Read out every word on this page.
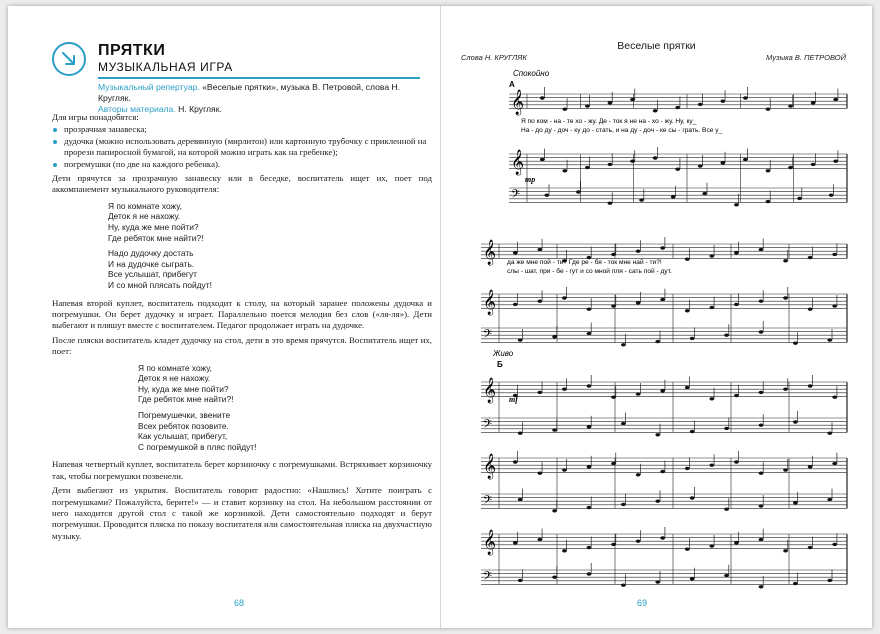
ПРЯТКИ
МУЗЫКАЛЬНАЯ ИГРА
Музыкальный репертуар. «Веселые прятки», музыка В. Петровой, слова Н. Кругляк.
Авторы материала. Н. Кругляк.

Для игры понадобятся:

прозрачная занавеска;
дудочка (можно использовать деревянную (мирлитон) или картонную трубочку с прикленной на прорези папиросной бумагой, на которой можно играть как на гребенке);
погремушки (по две на каждого ребенка).

Дети прячутся за прозрачную занавеску или в беседке, воспитатель ищет их, поет под аккомпанемент музыкального руководителя:

Я по комнате хожу,
Деток я не нахожу.
Ну, куда же мне пойти?
Где ребяток мне найти?!
Надо дудочку достать
И на дудочке сыграть.
Все услышат, прибегут
И со мной плясать пойдут!

Напевая второй куплет, воспитатель подходит к столу, на который заранее положены дудочка и погремушки. Он берет дудочку и играет. Параллельно поется мелодия без слов («ля-ля»). Дети выбегают и пляшут вместе с воспитателем. Педагог продолжает играть на дудочке.

После пляски воспитатель кладет дудочку на стол, дети в это время прячутся. Воспитатель ищет их, поет:

Я по комнате хожу,
Деток я не нахожу.
Ну, куда же мне пойти?
Где ребяток мне найти?!
Погремушечки, звените
Всех ребяток позовите.
Как услышат, прибегут,
С погремушкой в пляс пойдут!

Напевая четвертый куплет, воспитатель берет корзиночку с погремушками. Встряхивает корзиночку так, чтобы погремушки позвенели.

Дети выбегают из укрытия. Воспитатель говорит радостно: «Нашлись! Хотите поиграть с погремушками? Пожалуйста, берите!» — и ставит корзинку на стол. На небольшом расстоянии от него находится другой стол с такой же корзинкой. Дети самостоятельно подходят и берут погремушки. Проводится пляска по показу воспитателя или самостоятельная пляска на двухчастную музыку.

68
Веселые прятки
Слова Н. КРУГЛЯК	Музыка В. ПЕТРОВОЙ
𝄞
𝄞
𝄢
𝄞
𝄞
𝄢
𝄞
𝄢
𝄞
𝄢
𝄞
𝄢
Спокойно
А
mp
Я по ком - на - те хо - жу. Де - ток я не на - хо - жу. Ну, ку_
На - до ду - доч - ку до - стать, и на ду - доч - ке сы - грать. Все у_
да же мне пой - ти? Где ре - бя - ток мне най - ти?!
слы - шат, при - бе - гут и со мной пля - сать пой - дут.
Живо
Б
mf
69
